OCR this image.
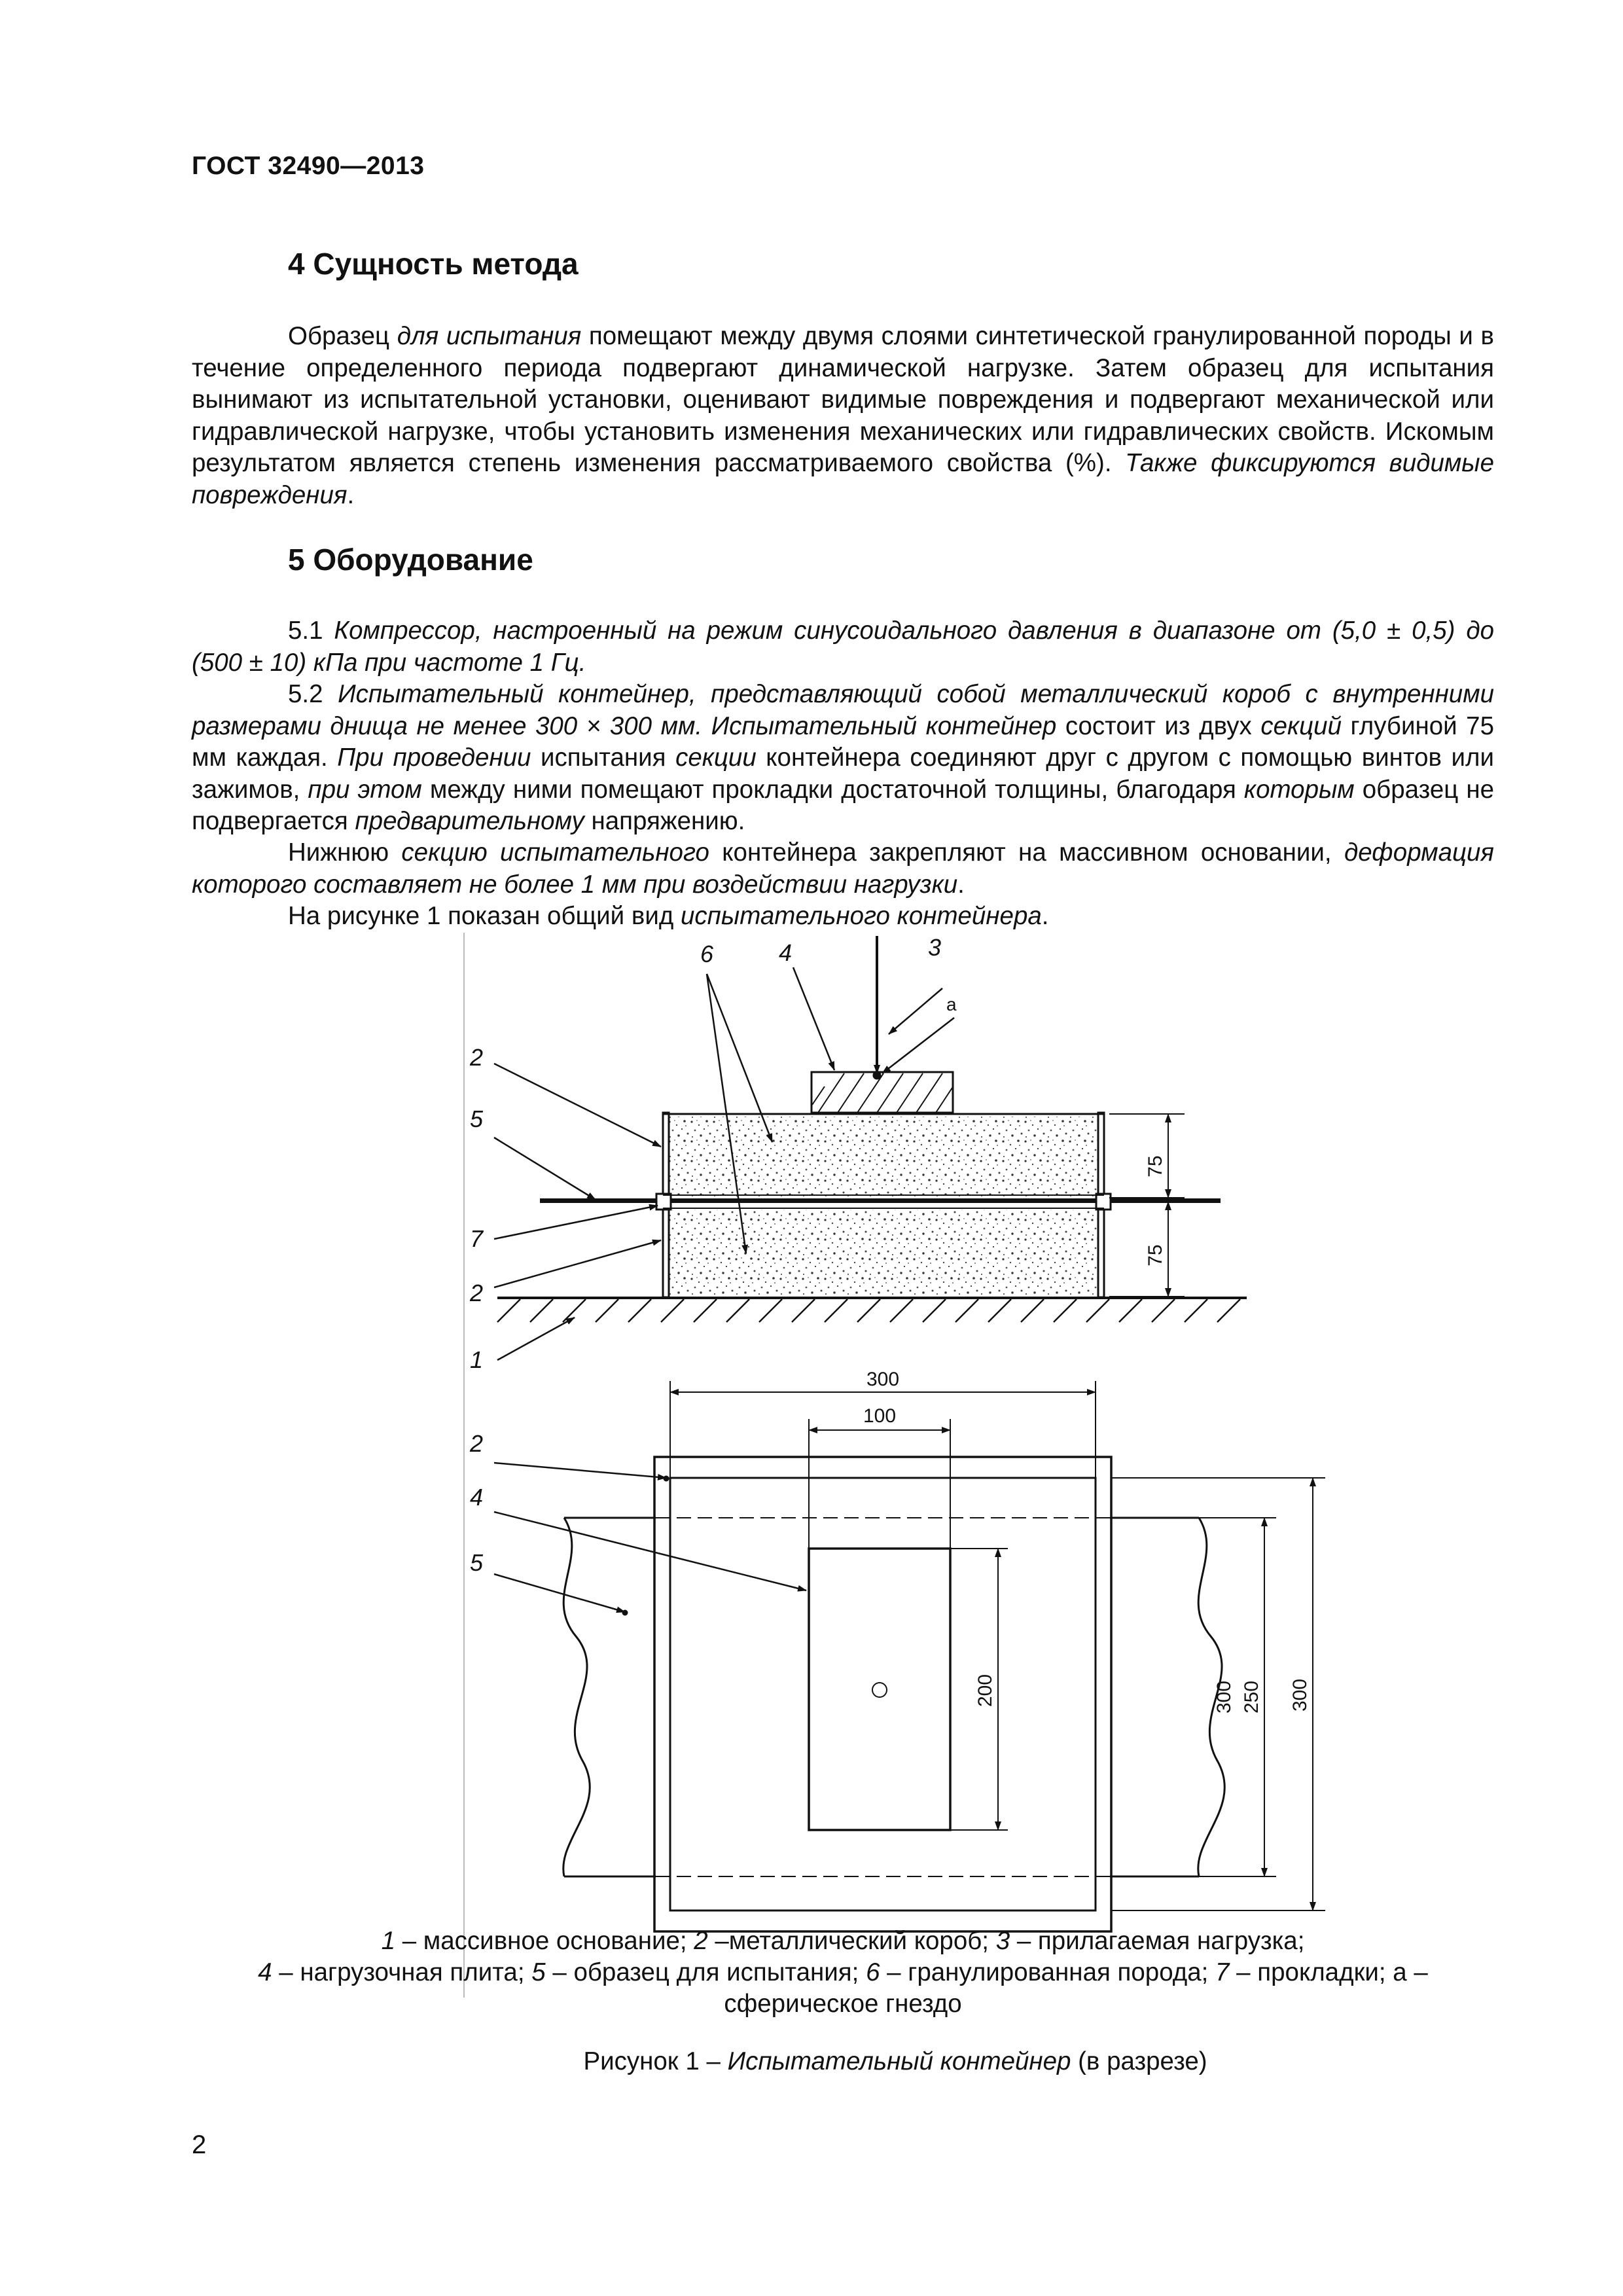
ГОСТ 32490—2013
4 Сущность метода
Образец для испытания помещают между двумя слоями синтетической гранулированной породы и в течение определенного периода подвергают динамической нагрузке. Затем образец для испытания вынимают из испытательной установки, оценивают видимые повреждения и подвергают механической или гидравлической нагрузке, чтобы установить изменения механических или гидравлических свойств. Искомым результатом является степень изменения рассматриваемого свойства (%). Также фиксируются видимые повреждения.
5 Оборудование
5.1 Компрессор, настроенный на режим синусоидального давления в диапазоне от (5,0 ± 0,5) до (500 ± 10) кПа при частоте 1 Гц.
5.2 Испытательный контейнер, представляющий собой металлический короб с внутренними размерами днища не менее 300 × 300 мм. Испытательный контейнер состоит из двух секций глубиной 75 мм каждая. При проведении испытания секции контейнера соединяют друг с другом с помощью винтов или зажимов, при этом между ними помещают прокладки достаточной толщины, благодаря которым образец не подвергается предварительному напряжению.
Нижнюю секцию испытательного контейнера закрепляют на массивном основании, деформация которого составляет не более 1 мм при воздействии нагрузки.
На рисунке 1 показан общий вид испытательного контейнера.
6	4	3
a
2
5
7
2
1
2
4
5
75
75
300
100
200	300 250 300
1 – массивное основание; 2 –металлический короб; 3 – прилагаемая нагрузка;
4 – нагрузочная плита; 5 – образец для испытания; 6 – гранулированная порода; 7 – прокладки; а –
сферическое гнездо
Рисунок 1 – Испытательный контейнер (в разрезе)
2
